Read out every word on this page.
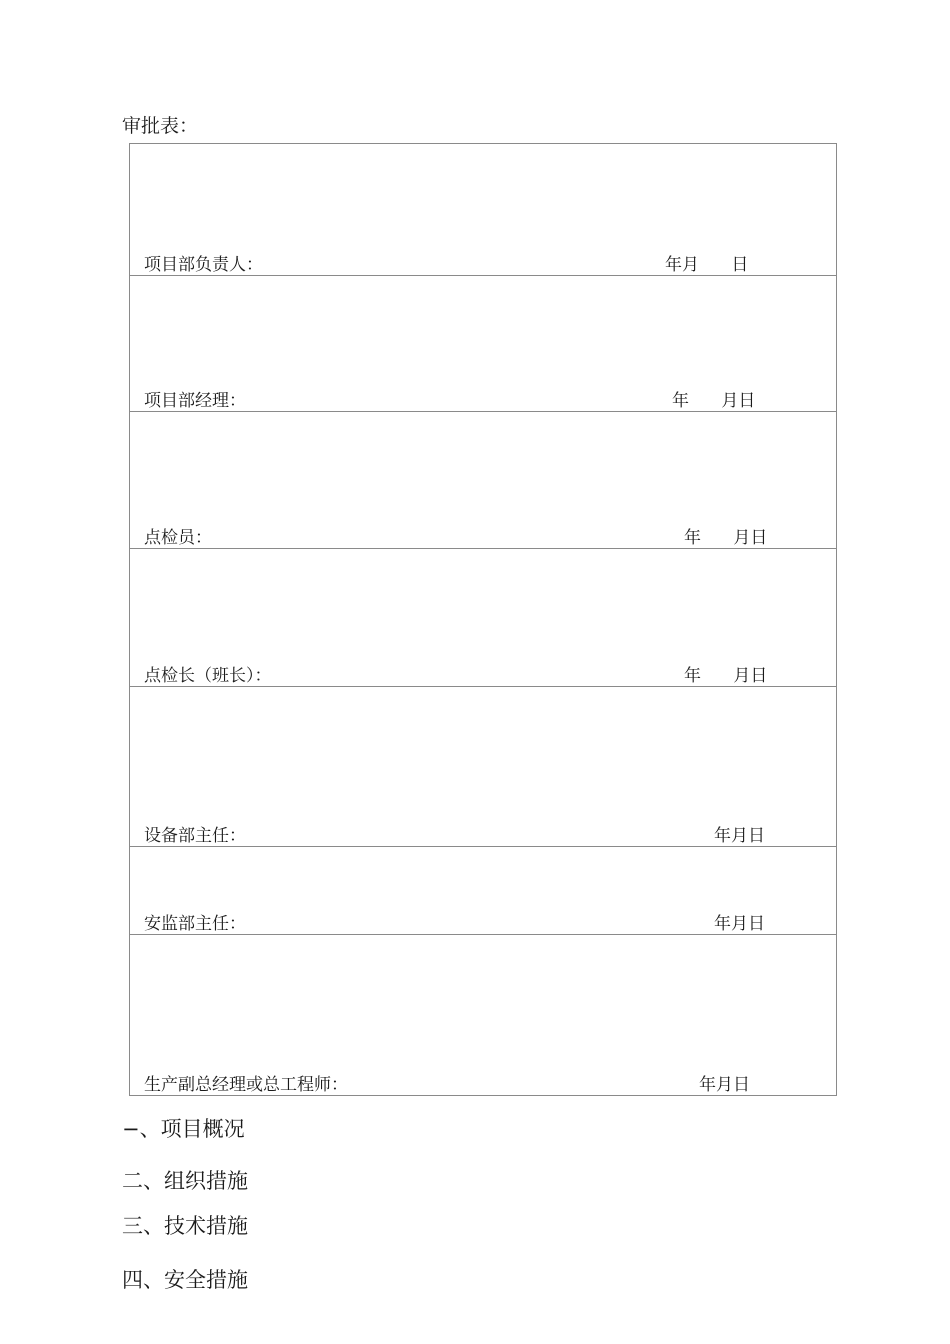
审批表：
项目部负责人：	年月      日
项目部经理：	年      月日
点检员：	年      月日
点检长（班长）：	年      月日
设备部主任：	年月日
安监部主任：	年月日
生产副总经理或总工程师：	年月日
−、项目概况
二、组织措施
三、技术措施
四、安全措施
